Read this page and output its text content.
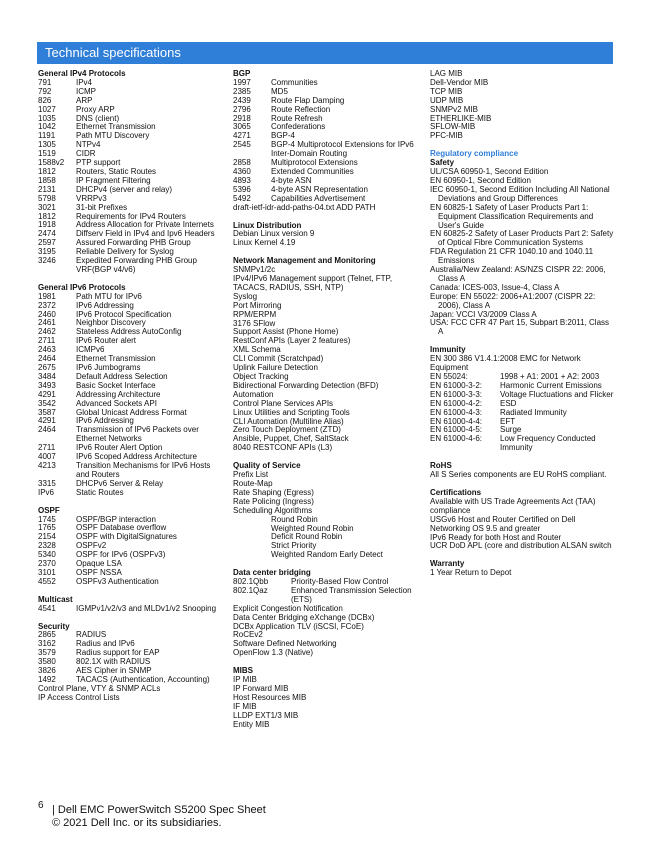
Technical specifications
General IPv4 Protocols
791	IPv4
792	ICMP
826	ARP
1027	Proxy ARP
1035	DNS (client)
1042	Ethernet Transmission
1191	Path MTU Discovery
1305	NTPv4
1519	CIDR
1588v2	PTP support
1812	Routers, Static Routes
1858	IP Fragment Filtering
2131	DHCPv4 (server and relay)
5798	VRRPv3
3021	31-bit Prefixes
1812	Requirements for IPv4 Routers
1918	Address Allocation for Private Internets
2474	Diffserv Field in IPv4 and Ipv6 Headers
2597	Assured Forwarding PHB Group
3195	Reliable Delivery for Syslog
3246	Expedited Forwarding PHB Group VRF(BGP v4/v6)
General IPv6 Protocols
1981	Path MTU for IPv6
2372	IPv6 Addressing
2460	IPv6 Protocol Specification
2461	Neighbor Discovery
2462	Stateless Address AutoConfig
2711	IPv6 Router alert
2463	ICMPv6
2464	Ethernet Transmission
2675	IPv6 Jumbograms
3484	Default Address Selection
3493	Basic Socket Interface
4291	Addressing Architecture
3542	Advanced Sockets API
3587	Global Unicast Address Format
4291	IPv6 Addressing
2464	Transmission of IPv6 Packets over Ethernet Networks
2711	IPv6 Router Alert Option
4007	IPv6 Scoped Address Architecture
4213	Transition Mechanisms for IPv6 Hosts and Routers
3315	DHCPv6 Server & Relay
IPv6	Static Routes
OSPF
1745	OSPF/BGP interaction
1765	OSPF Database overflow
2154	OSPF with DigitalSignatures
2328	OSPFv2
5340	OSPF for IPv6 (OSPFv3)
2370	Opaque LSA
3101	OSPF NSSA
4552	OSPFv3 Authentication
Multicast
4541	IGMPv1/v2/v3 and MLDv1/v2 Snooping
Security
2865	RADIUS
3162	Radius and IPv6
3579	Radius support for EAP
3580	802.1X with RADIUS
3826	AES Cipher in SNMP
1492	TACACS (Authentication, Accounting)
Control Plane, VTY & SNMP ACLs
IP Access Control Lists
BGP
1997	Communities
2385	MD5
2439	Route Flap Damping
2796	Route Reflection
2918	Route Refresh
3065	Confederations
4271	BGP-4
2545	BGP-4 Multiprotocol Extensions for IPv6 Inter-Domain Routing
2858	Multiprotocol Extensions
4360	Extended Communities
4893	4-byte ASN
5396	4-byte ASN Representation
5492	Capabilities Advertisement
draft-ietf-idr-add-paths-04.txt ADD PATH
Linux Distribution
Debian Linux version 9
Linux Kernel 4.19
Network Management and Monitoring
SNMPv1/2c
IPv4/IPv6 Management support (Telnet, FTP, TACACS, RADIUS, SSH, NTP)
Syslog
Port Mirroring
RPM/ERPM
3176 SFlow
Support Assist (Phone Home)
RestConf APIs (Layer 2 features)
XML Schema
CLI Commit (Scratchpad)
Uplink Failure Detection
Object Tracking
Bidirectional Forwarding Detection (BFD)
Automation
Control Plane Services APIs
Linux Utilities and Scripting Tools
CLI Automation (Multiline Alias)
Zero Touch Deployment (ZTD)
Ansible, Puppet, Chef, SaltStack
8040 RESTCONF APIs (L3)
Quality of Service
Prefix List
Route-Map
Rate Shaping (Egress)
Rate Policing (Ingress)
Scheduling Algorithms
Round Robin
Weighted Round Robin
Deficit Round Robin
Strict Priority
Weighted Random Early Detect
Data center bridging
802.1Qbb	Priority-Based Flow Control
802.1Qaz	Enhanced Transmission Selection (ETS)
Explicit Congestion Notification
Data Center Bridging eXchange (DCBx)
DCBx Application TLV (iSCSI, FCoE)
RoCEv2
Software Defined Networking
OpenFlow 1.3 (Native)
MIBS
IP MIB
IP Forward MIB
Host Resources MIB
IF MIB
LLDP EXT1/3 MIB
Entity MIB
LAG MIB
Dell-Vendor MIB
TCP MIB
UDP MIB
SNMPv2 MIB
ETHERLIKE-MIB
SFLOW-MIB
PFC-MIB
Regulatory compliance
Safety
UL/CSA 60950-1, Second Edition
EN 60950-1, Second Edition
IEC 60950-1, Second Edition Including All National Deviations and Group Differences
EN 60825-1 Safety of Laser Products Part 1: Equipment Classification Requirements and User's Guide
EN 60825-2 Safety of Laser Products Part 2: Safety of Optical Fibre Communication Systems
FDA Regulation 21 CFR 1040.10 and 1040.11 Emissions
Australia/New Zealand: AS/NZS CISPR 22: 2006, Class A
Canada: ICES-003, Issue-4, Class A
Europe: EN 55022: 2006+A1:2007 (CISPR 22: 2006), Class A
Japan: VCCI V3/2009 Class A
USA: FCC CFR 47 Part 15, Subpart B:2011, Class A
Immunity
EN 300 386 V1.4.1:2008 EMC for Network Equipment
EN 55024:	1998 + A1: 2001 + A2: 2003
EN 61000-3-2:	Harmonic Current Emissions
EN 61000-3-3:	Voltage Fluctuations and Flicker
EN 61000-4-2:	ESD
EN 61000-4-3:	Radiated Immunity
EN 61000-4-4:	EFT
EN 61000-4-5:	Surge
EN 61000-4-6:	Low Frequency Conducted Immunity
RoHS
All S Series components are EU RoHS compliant.
Certifications
Available with US Trade Agreements Act (TAA) compliance
USGv6 Host and Router Certified on Dell Networking OS 9.5 and greater
IPv6 Ready for both Host and Router
UCR DoD APL (core and distribution ALSAN switch
Warranty
1 Year Return to Depot
6 | Dell EMC PowerSwitch S5200 Spec Sheet
© 2021 Dell Inc. or its subsidiaries.
